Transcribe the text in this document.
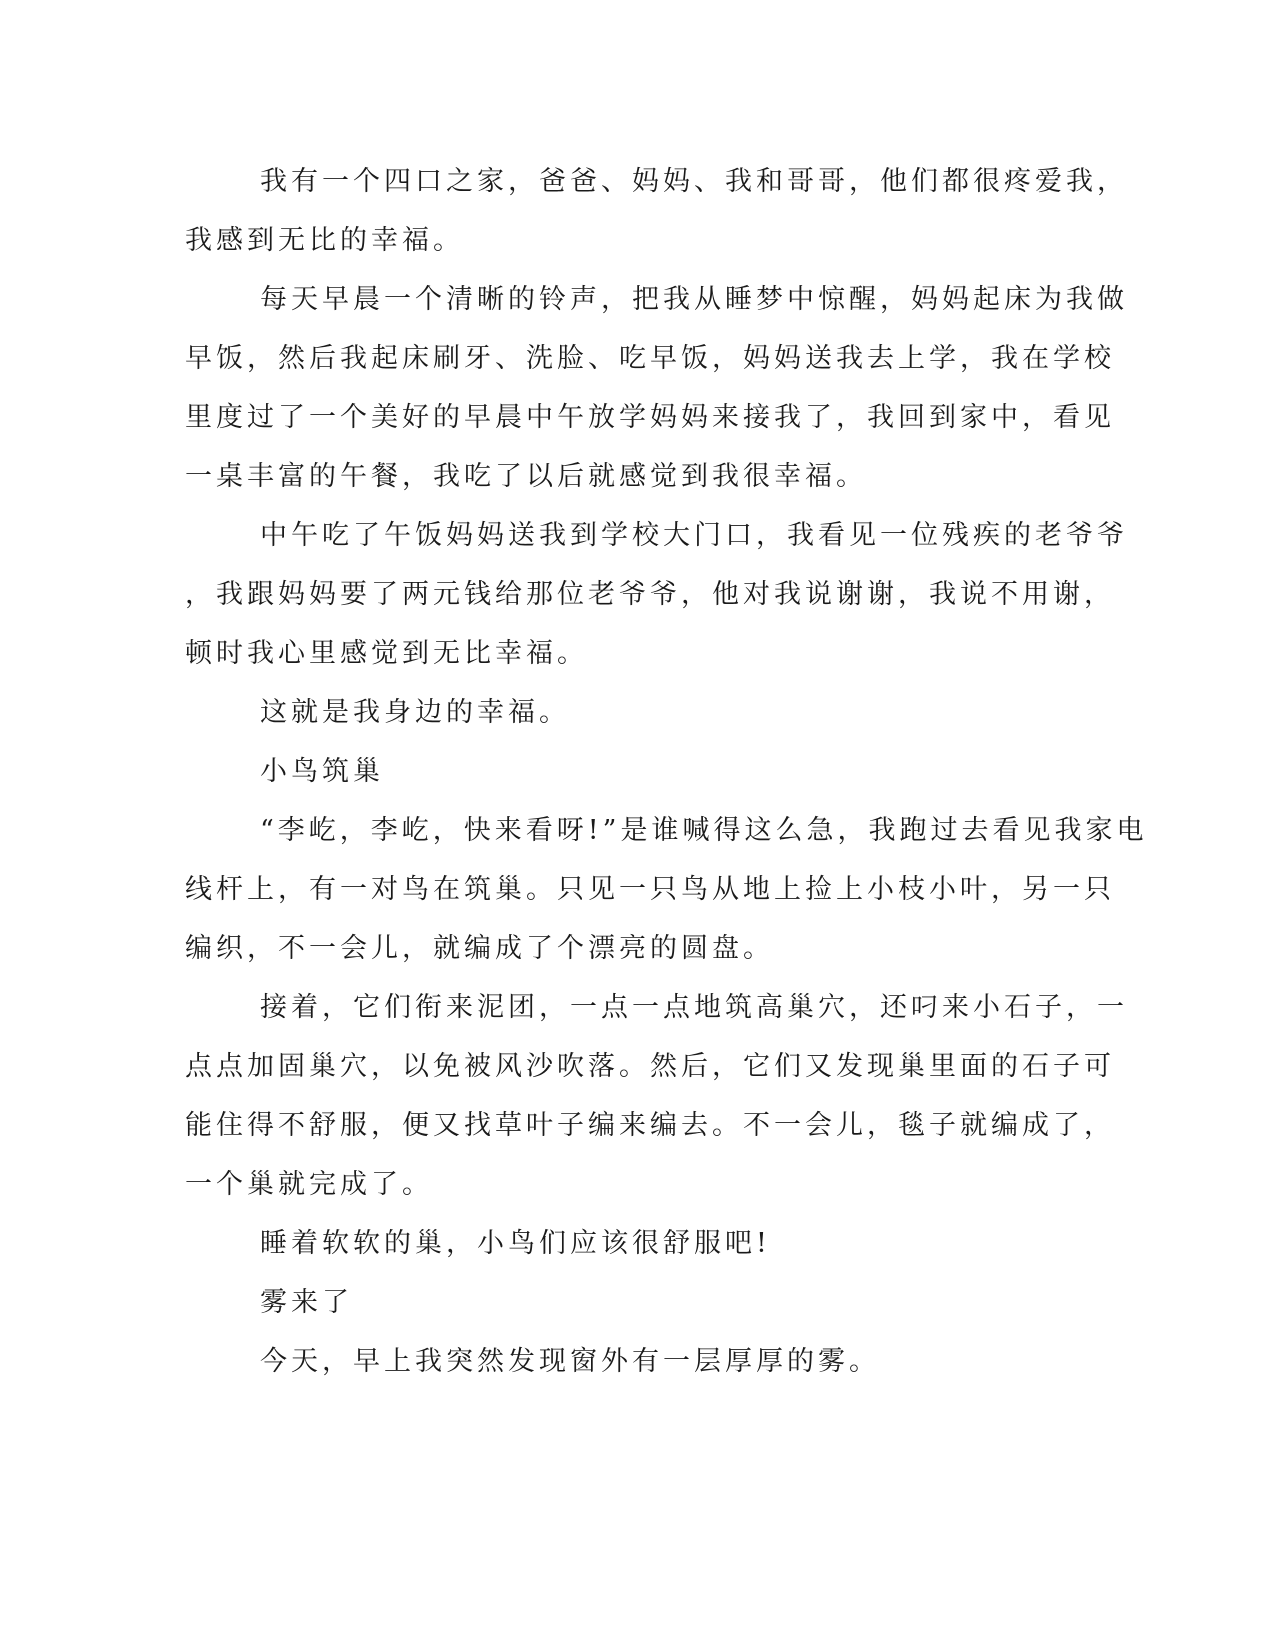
我有一个四口之家，爸爸、妈妈、我和哥哥，他们都很疼爱我，
我感到无比的幸福。

每天早晨一个清晰的铃声，把我从睡梦中惊醒，妈妈起床为我做
早饭，然后我起床刷牙、洗脸、吃早饭，妈妈送我去上学，我在学校
里度过了一个美好的早晨中午放学妈妈来接我了，我回到家中，看见
一桌丰富的午餐，我吃了以后就感觉到我很幸福。

中午吃了午饭妈妈送我到学校大门口，我看见一位残疾的老爷爷
，我跟妈妈要了两元钱给那位老爷爷，他对我说谢谢，我说不用谢，
顿时我心里感觉到无比幸福。

这就是我身边的幸福。

小鸟筑巢

“李屹，李屹，快来看呀!”是谁喊得这么急，我跑过去看见我家电
线杆上，有一对鸟在筑巢。只见一只鸟从地上捡上小枝小叶，另一只
编织，不一会儿，就编成了个漂亮的圆盘。

接着，它们衔来泥团，一点一点地筑高巢穴，还叼来小石子，一
点点加固巢穴，以免被风沙吹落。然后，它们又发现巢里面的石子可
能住得不舒服，便又找草叶子编来编去。不一会儿，毯子就编成了，
一个巢就完成了。

睡着软软的巢，小鸟们应该很舒服吧!

雾来了

今天，早上我突然发现窗外有一层厚厚的雾。
